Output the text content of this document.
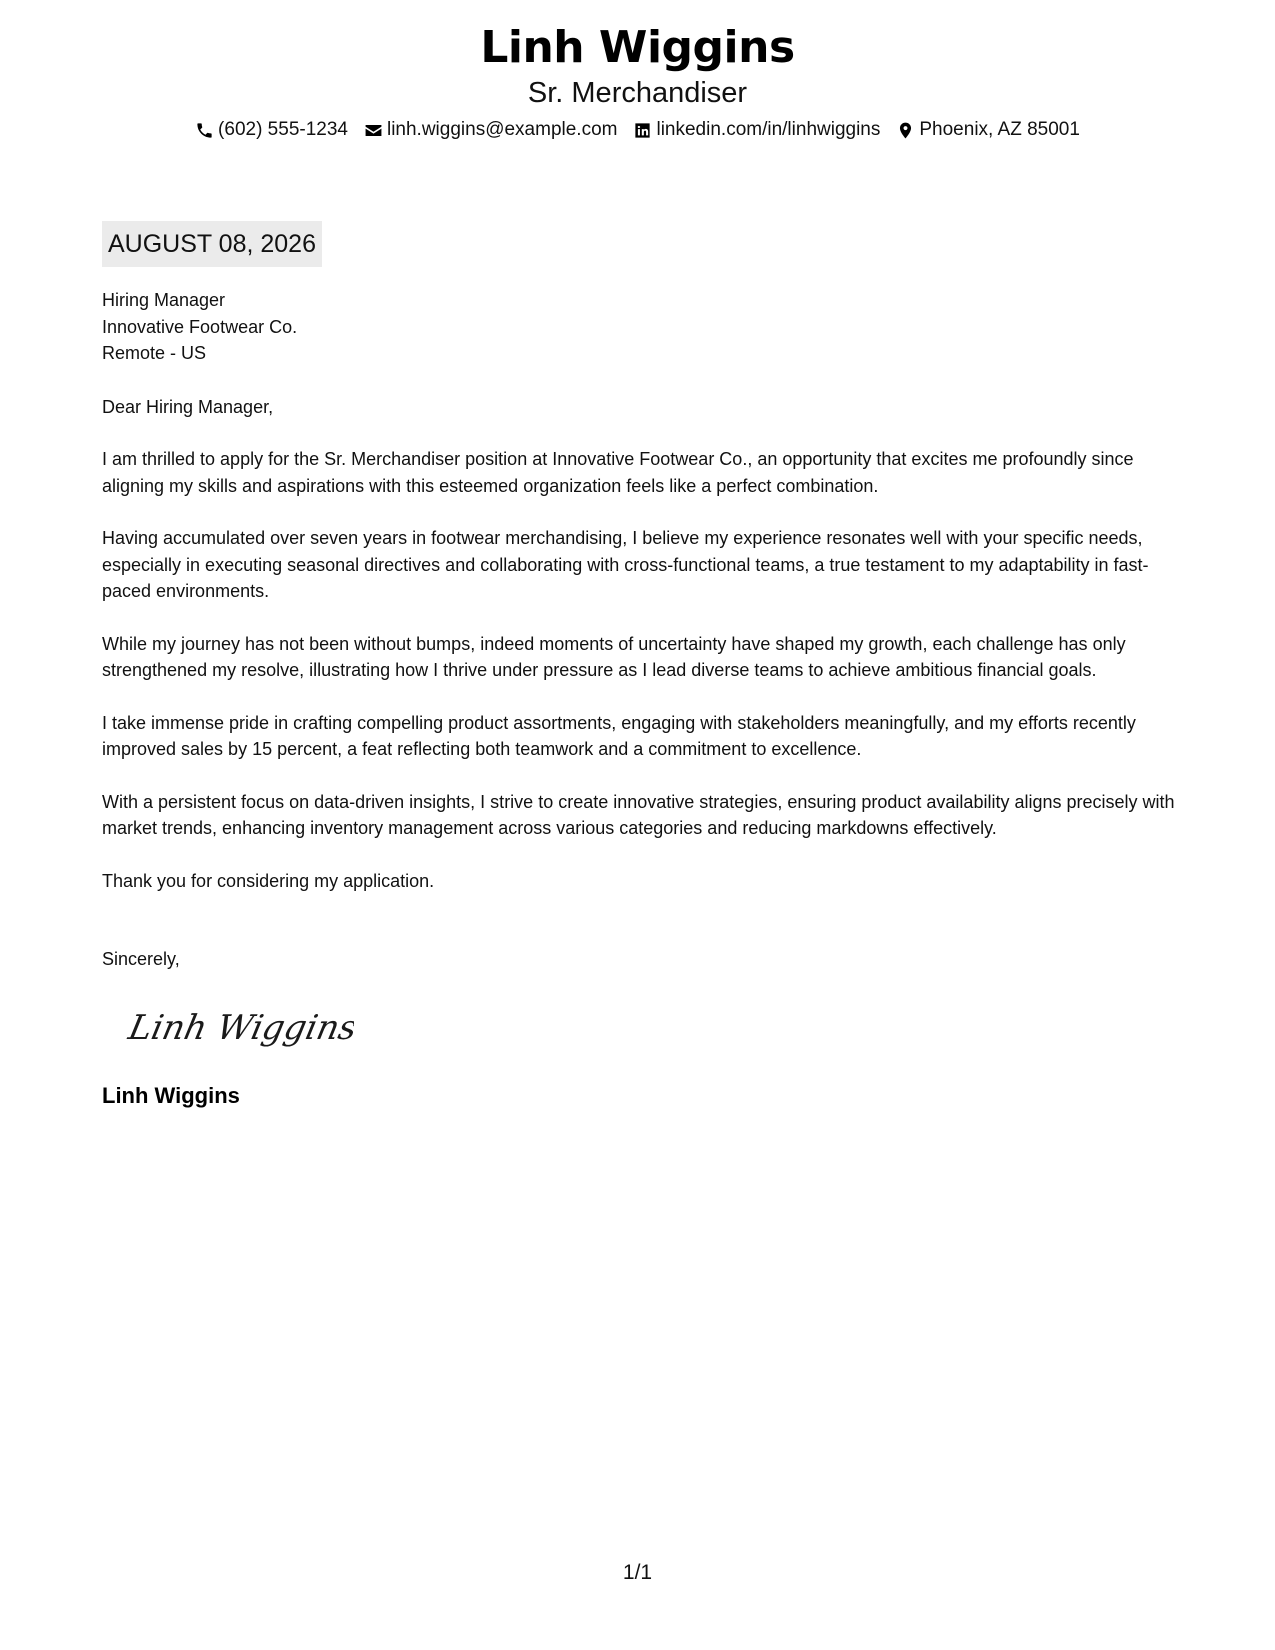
Linh Wiggins
Sr. Merchandiser
(602) 555-1234 linh.wiggins@example.com linkedin.com/in/linhwiggins Phoenix, AZ 85001
AUGUST 08, 2026
Hiring Manager
Innovative Footwear Co.
Remote - US
Dear Hiring Manager,
I am thrilled to apply for the Sr. Merchandiser position at Innovative Footwear Co., an opportunity that excites me profoundly since aligning my skills and aspirations with this esteemed organization feels like a perfect combination.
Having accumulated over seven years in footwear merchandising, I believe my experience resonates well with your specific needs, especially in executing seasonal directives and collaborating with cross-functional teams, a true testament to my adaptability in fast-paced environments.
While my journey has not been without bumps, indeed moments of uncertainty have shaped my growth, each challenge has only strengthened my resolve, illustrating how I thrive under pressure as I lead diverse teams to achieve ambitious financial goals.
I take immense pride in crafting compelling product assortments, engaging with stakeholders meaningfully, and my efforts recently improved sales by 15 percent, a feat reflecting both teamwork and a commitment to excellence.
With a persistent focus on data-driven insights, I strive to create innovative strategies, ensuring product availability aligns precisely with market trends, enhancing inventory management across various categories and reducing markdowns effectively.
Thank you for considering my application.
Sincerely,
Linh Wiggins
Linh Wiggins
1/1
